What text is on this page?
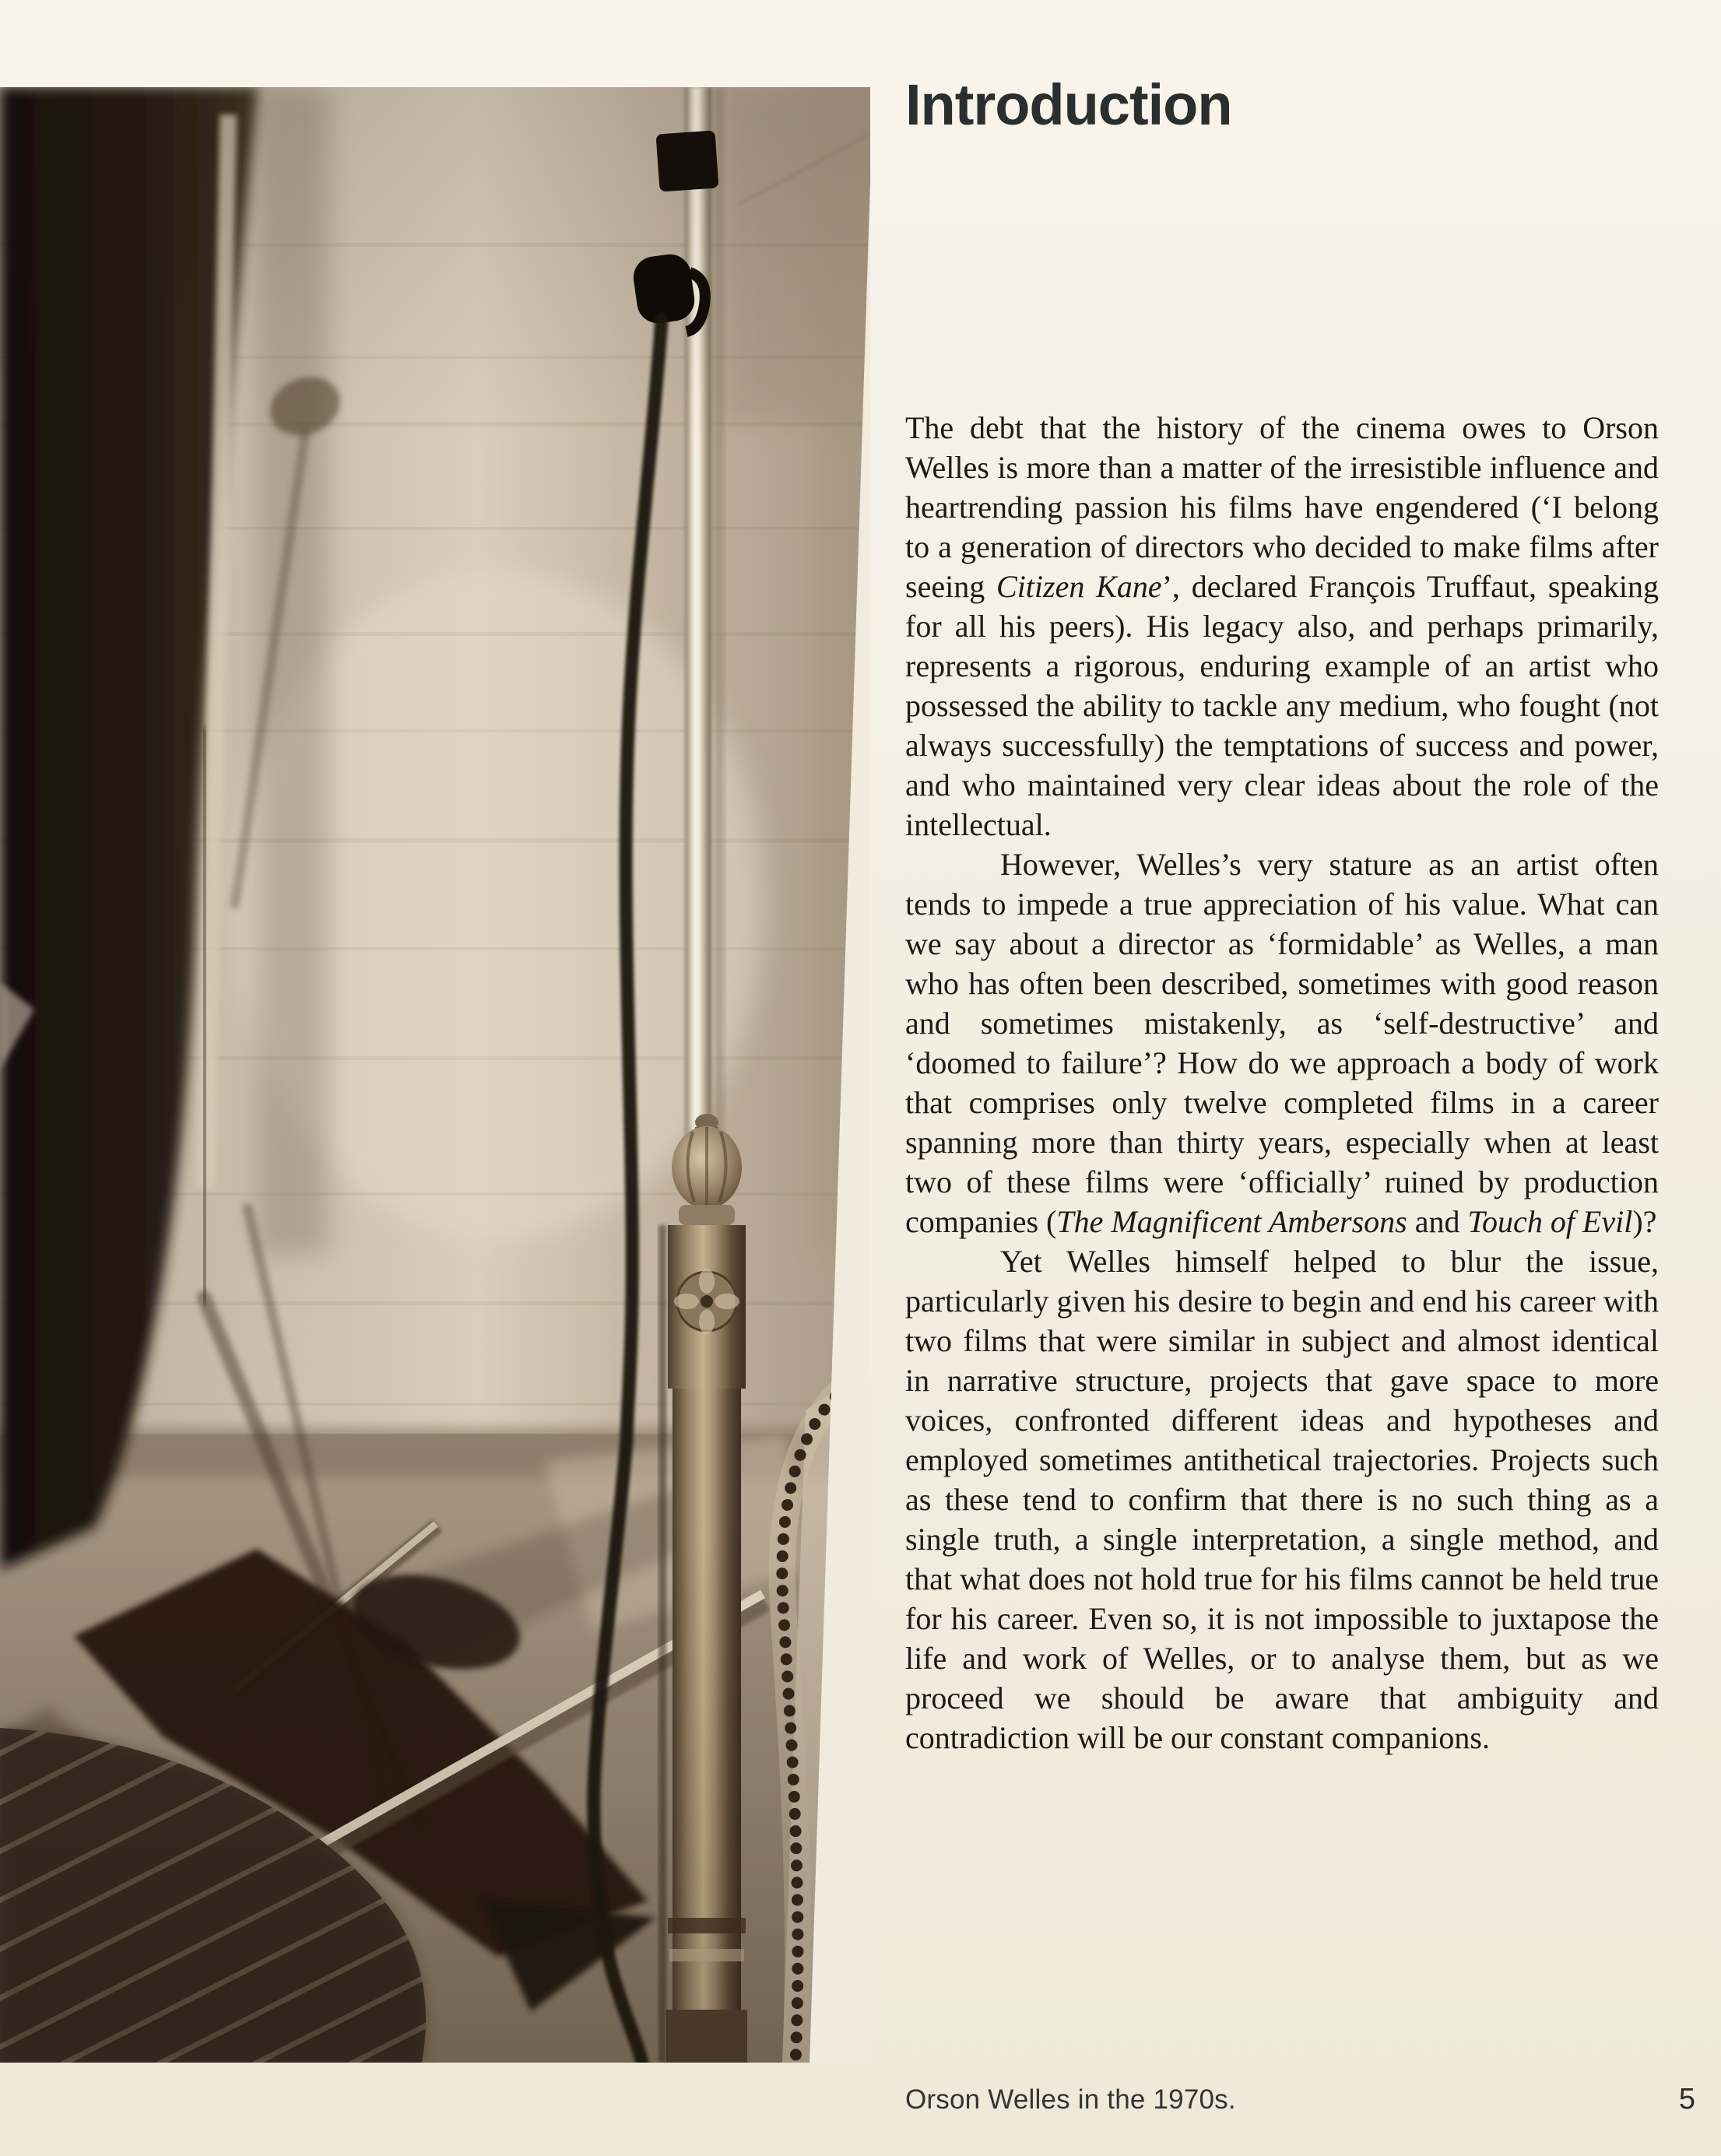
Introduction

The debt that the history of the cinema owes to Orson Welles is more than a matter of the irresistible influence and heartrending passion his films have engendered (‘I belong to a generation of directors who decided to make films after seeing Citizen Kane’, declared François Truffaut, speaking for all his peers). His legacy also, and perhaps primarily, represents a rigorous, enduring example of an artist who possessed the ability to tackle any medium, who fought (not always successfully) the temptations of success and power, and who maintained very clear ideas about the role of the intellectual.

However, Welles’s very stature as an artist often tends to impede a true appreciation of his value. What can we say about a director as ‘formidable’ as Welles, a man who has often been described, sometimes with good reason and sometimes mistakenly, as ‘self-destructive’ and ‘doomed to failure’? How do we approach a body of work that comprises only twelve completed films in a career spanning more than thirty years, especially when at least two of these films were ‘officially’ ruined by production companies (The Magnificent Ambersons and Touch of Evil)?

Yet Welles himself helped to blur the issue, particularly given his desire to begin and end his career with two films that were similar in subject and almost identical in narrative structure, projects that gave space to more voices, confronted different ideas and hypotheses and employed sometimes antithetical trajectories. Projects such as these tend to confirm that there is no such thing as a single truth, a single interpretation, a single method, and that what does not hold true for his films cannot be held true for his career. Even so, it is not impossible to juxtapose the life and work of Welles, or to analyse them, but as we proceed we should be aware that ambiguity and contradiction will be our constant companions.

Orson Welles in the 1970s.	5
